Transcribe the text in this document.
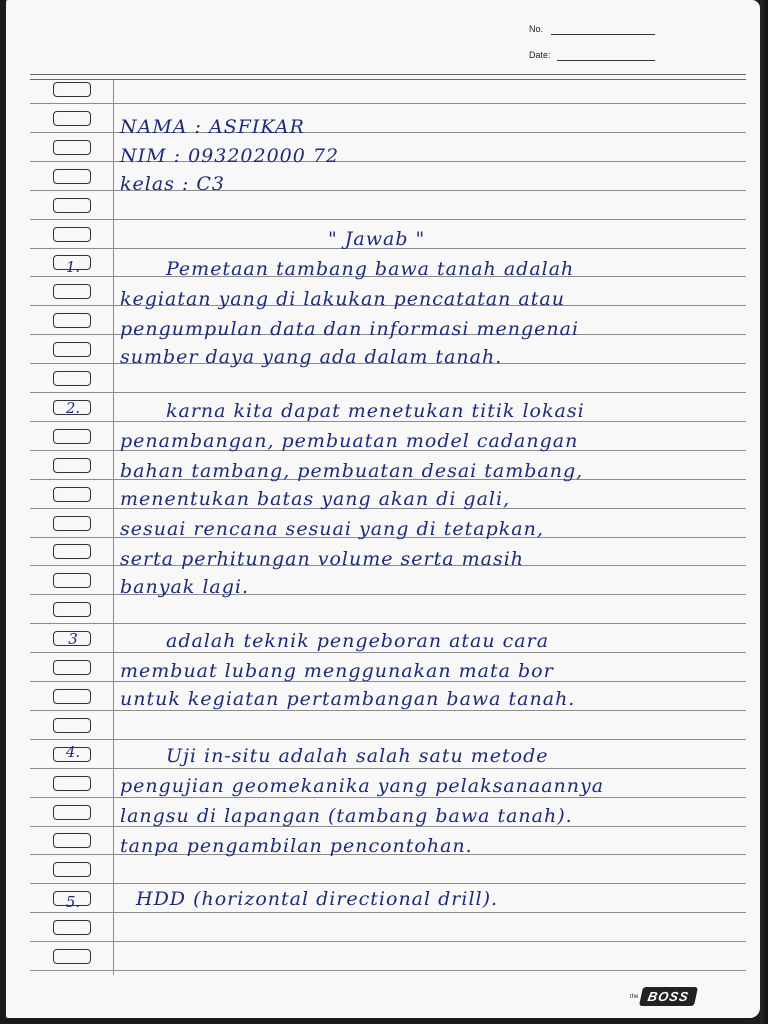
No.
Date:
1.
2.
3
4.
5.
NAMA : ASFIKAR
NIM : 093202000 72
kelas : C3
" Jawab "
Pemetaan tambang bawa tanah adalah
kegiatan yang di lakukan pencatatan atau
pengumpulan data dan informasi mengenai
sumber daya yang ada dalam tanah.
karna kita dapat menetukan titik lokasi
penambangan, pembuatan model cadangan
bahan tambang, pembuatan desai tambang,
menentukan batas yang akan di gali,
sesuai rencana sesuai yang di tetapkan,
serta perhitungan volume serta masih
banyak lagi.
adalah teknik pengeboran atau cara
membuat lubang menggunakan mata bor
untuk kegiatan pertambangan bawa tanah.
Uji in-situ adalah salah satu metode
pengujian geomekanika yang pelaksanaannya
langsu di lapangan (tambang bawa tanah).
tanpa pengambilan pencontohan.
HDD (horizontal directional drill).
the BOSS
